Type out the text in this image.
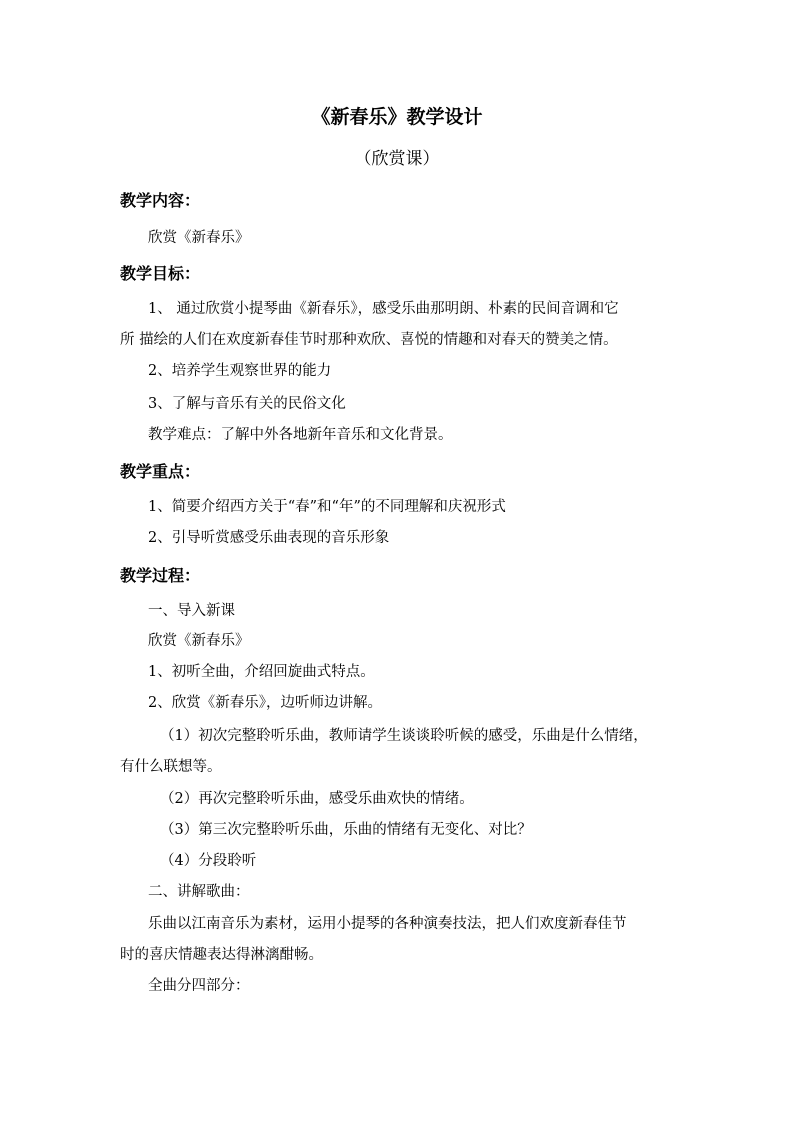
《新春乐》教学设计
（欣赏课）
教学内容：
欣赏《新春乐》
教学目标：
1、 通过欣赏小提琴曲《新春乐》，感受乐曲那明朗、朴素的民间音调和它
所 描绘的人们在欢度新春佳节时那种欢欣、喜悦的情趣和对春天的赞美之情。
2、培养学生观察世界的能力
3、了解与音乐有关的民俗文化
教学难点：了解中外各地新年音乐和文化背景。
教学重点：
1、简要介绍西方关于“春”和“年”的不同理解和庆祝形式
2、引导听赏感受乐曲表现的音乐形象
教学过程：
一、导入新课
欣赏《新春乐》
1、初听全曲，介绍回旋曲式特点。
2、欣赏《新春乐》，边听师边讲解。
（1）初次完整聆听乐曲，教师请学生谈谈聆听候的感受，乐曲是什么情绪，
有什么联想等。
（2）再次完整聆听乐曲，感受乐曲欢快的情绪。
（3）第三次完整聆听乐曲，乐曲的情绪有无变化、对比？
（4）分段聆听
二、讲解歌曲：
乐曲以江南音乐为素材，运用小提琴的各种演奏技法，把人们欢度新春佳节
时的喜庆情趣表达得淋漓酣畅。
全曲分四部分：
